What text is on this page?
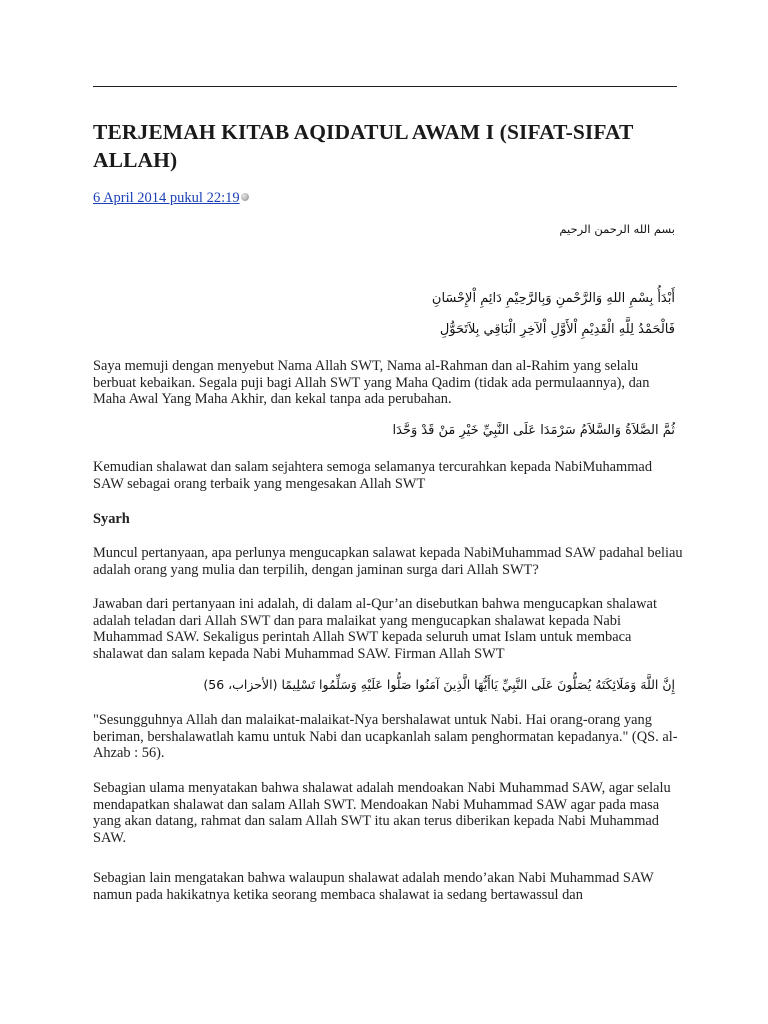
TERJEMAH KITAB AQIDATUL AWAM I (SIFAT-SIFAT ALLAH)
6 April 2014 pukul 22:19
بسم الله الرحمن الرحيم
أَبْدَأُ بِسْمِ اللهِ وَالرَّحْمنِ وَبِالرَّحِيْمِ دَائِمِ اْلإِحْسَانِ
فَالْحَمْدُ لِلَّهِ الْقَدِيْمِ اْلأَوَّلِ اْلآخِرِ الْبَاقِي بِلاَتَحَوُّلِ

Saya memuji dengan menyebut Nama Allah SWT, Nama al-Rahman dan al-Rahim yang selalu berbuat kebaikan. Segala puji bagi Allah SWT yang Maha Qadim (tidak ada permulaannya), dan Maha Awal Yang Maha Akhir, dan kekal tanpa ada perubahan.

ثُمَّ الصَّلاَةُ وَالسَّلاَمُ سَرْمَدَا عَلَى النَّبِيِّ خَيْرِ مَنْ قَدْ وَحَّدَا

Kemudian shalawat dan salam sejahtera semoga selamanya tercurahkan kepada NabiMuhammad SAW sebagai orang terbaik yang mengesakan Allah SWT

Syarh

Muncul pertanyaan, apa perlunya mengucapkan salawat kepada NabiMuhammad SAW padahal beliau adalah orang yang mulia dan terpilih, dengan jaminan surga dari Allah SWT?

Jawaban dari pertanyaan ini adalah, di dalam al-Qur’an disebutkan bahwa mengucapkan shalawat adalah teladan dari Allah SWT dan para malaikat yang mengucapkan shalawat kepada Nabi Muhammad SAW. Sekaligus perintah Allah SWT kepada seluruh umat Islam untuk membaca shalawat dan salam kepada Nabi Muhammad SAW. Firman Allah SWT

إِنَّ اللَّهَ وَمَلَائِكَتَهُ يُصَلُّونَ عَلَى النَّبِيِّ يَاأَيُّهَا الَّذِينَ آمَنُوا صَلُّوا عَلَيْهِ وَسَلِّمُوا تَسْلِيمًا (الأحزاب، 56)

"Sesungguhnya Allah dan malaikat-malaikat-Nya bershalawat untuk Nabi. Hai orang-orang yang beriman, bershalawatlah kamu untuk Nabi dan ucapkanlah salam penghormatan kepadanya." (QS. al-Ahzab : 56).

Sebagian ulama menyatakan bahwa shalawat adalah mendoakan Nabi Muhammad SAW, agar selalu mendapatkan shalawat dan salam Allah SWT. Mendoakan Nabi Muhammad SAW agar pada masa yang akan datang, rahmat dan salam Allah SWT itu akan terus diberikan kepada Nabi Muhammad SAW.

Sebagian lain mengatakan bahwa walaupun shalawat adalah mendo’akan Nabi Muhammad SAW namun pada hakikatnya ketika seorang membaca shalawat ia sedang bertawassul dan
